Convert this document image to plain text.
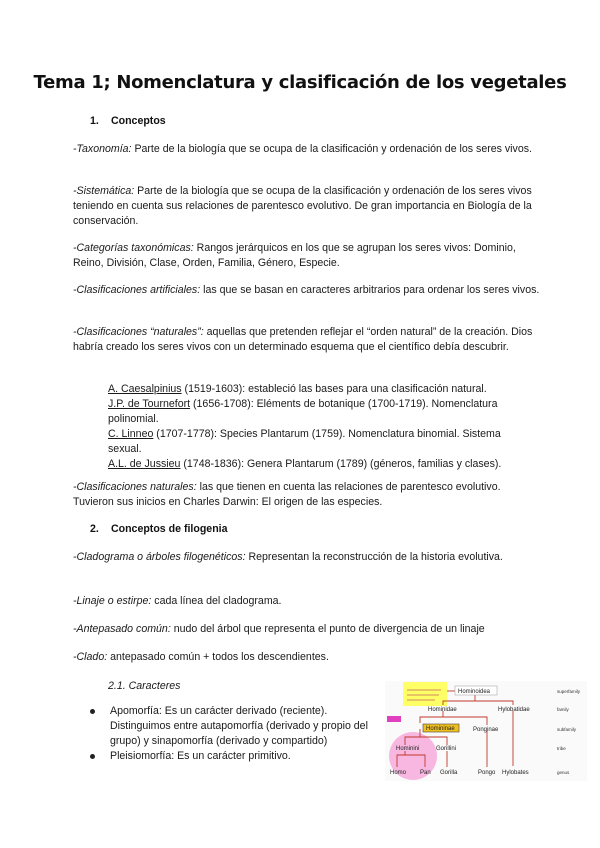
Tema 1; Nomenclatura y clasificación de los vegetales
1. Conceptos
-Taxonomía: Parte de la biología que se ocupa de la clasificación y ordenación de los seres vivos.
-Sistemática: Parte de la biología que se ocupa de la clasificación y ordenación de los seres vivos teniendo en cuenta sus relaciones de parentesco evolutivo. De gran importancia en Biología de la conservación.
-Categorías taxonómicas: Rangos jerárquicos en los que se agrupan los seres vivos: Dominio, Reino, División, Clase, Orden, Familia, Género, Especie.
-Clasificaciones artificiales: las que se basan en caracteres arbitrarios para ordenar los seres vivos.
-Clasificaciones “naturales”: aquellas que pretenden reflejar el “orden natural” de la creación. Dios habría creado los seres vivos con un determinado esquema que el científico debía descubrir.
A. Caesalpinius (1519-1603): estableció las bases para una clasificación natural.
J.P. de Tournefort (1656-1708): Eléments de botanique (1700-1719). Nomenclatura polinomial.
C. Linneo (1707-1778): Species Plantarum (1759). Nomenclatura binomial. Sistema sexual.
A.L. de Jussieu (1748-1836): Genera Plantarum (1789) (géneros, familias y clases).
-Clasificaciones naturales: las que tienen en cuenta las relaciones de parentesco evolutivo. Tuvieron sus inicios en Charles Darwin: El origen de las especies.
2. Conceptos de filogenia
-Cladograma o árboles filogenéticos: Representan la reconstrucción de la historia evolutiva.
-Linaje o estirpe: cada línea del cladograma.
-Antepasado común: nudo del árbol que representa el punto de divergencia de un linaje
-Clado: antepasado común + todos los descendientes.
2.1. Caracteres
Apomorfía: Es un carácter derivado (reciente). Distinguimos entre autapomorfía (derivado y propio del grupo) y sinapomorfía (derivado y compartido)
Pleisiomorfía: Es un carácter primitivo.
Hominoidea
Hominidae	Hylobatidae
Homininae	Ponginae
Hominini	Gorillini
Homo Pan Gorilla	Pongo Hylobates
superfamily
family
subfamily
tribe
genus
